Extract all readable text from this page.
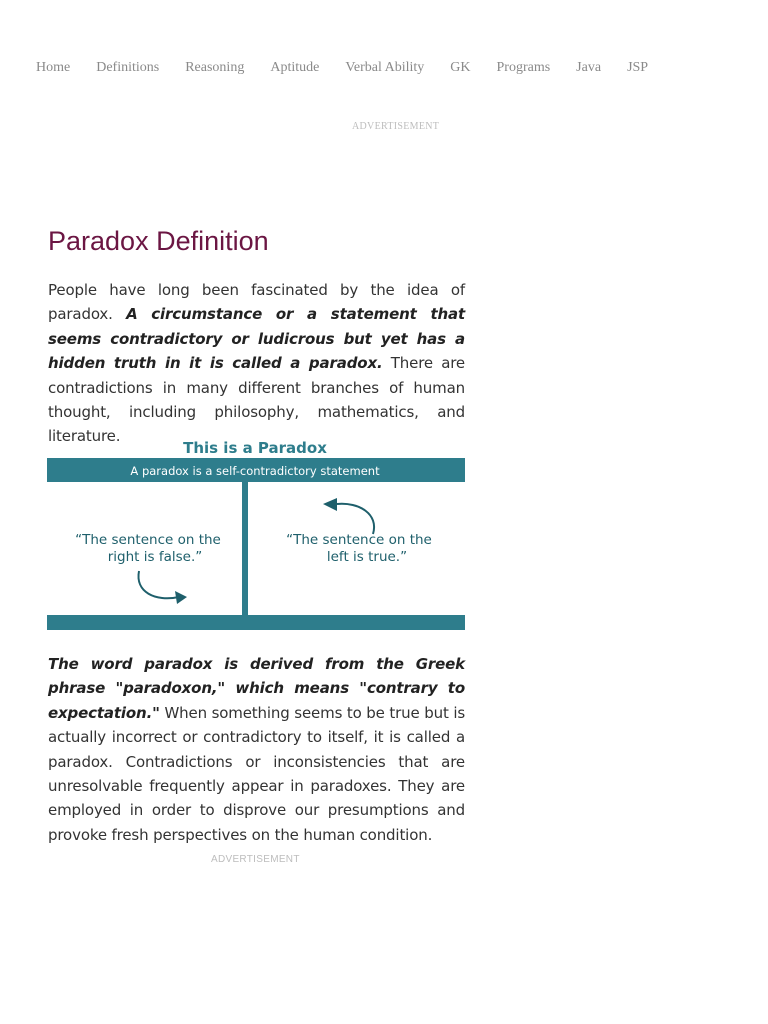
Home Definitions Reasoning Aptitude Verbal Ability GK Programs Java JSP
ADVERTISEMENT
Paradox Definition

People have long been fascinated by the idea of paradox. A circumstance or a statement that seems contradictory or ludicrous but yet has a hidden truth in it is called a paradox. There are contradictions in many different branches of human thought, including philosophy, mathematics, and literature.

This is a Paradox
A paradox is a self-contradictory statement
“The sentence on the
right is false.”
“The sentence on the
left is true.”

The word paradox is derived from the Greek phrase "paradoxon," which means "contrary to expectation." When something seems to be true but is actually incorrect or contradictory to itself, it is called a paradox. Contradictions or inconsistencies that are unresolvable frequently appear in paradoxes. They are employed in order to disprove our presumptions and provoke fresh perspectives on the human condition.

ADVERTISEMENT
